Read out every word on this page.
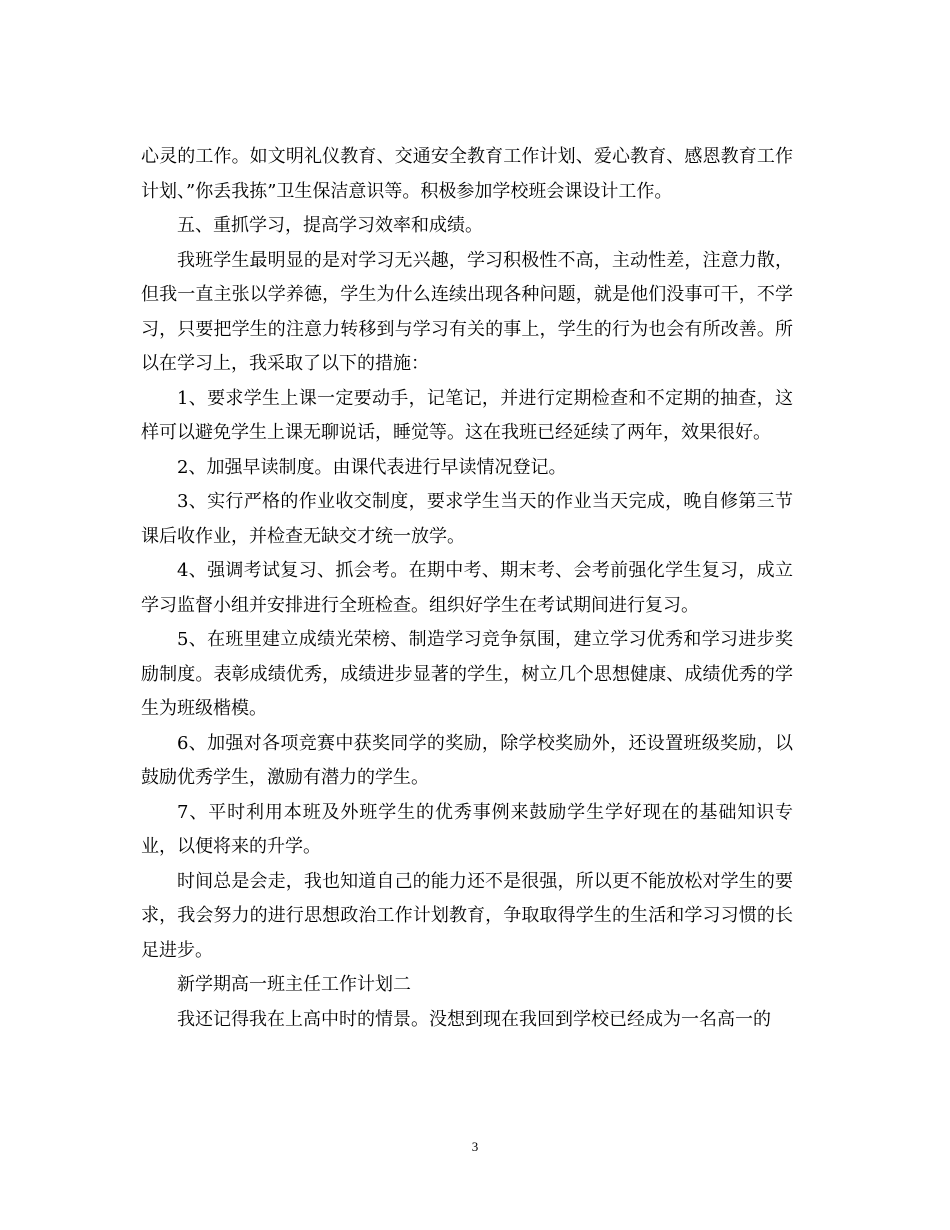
心灵的工作。如文明礼仪教育、交通安全教育工作计划、爱心教育、感恩教育工作计划、”你丢我拣”卫生保洁意识等。积极参加学校班会课设计工作。

五、重抓学习，提高学习效率和成绩。

我班学生最明显的是对学习无兴趣，学习积极性不高，主动性差，注意力散，但我一直主张以学养德，学生为什么连续出现各种问题，就是他们没事可干，不学习，只要把学生的注意力转移到与学习有关的事上，学生的行为也会有所改善。所以在学习上，我采取了以下的措施：

1、要求学生上课一定要动手，记笔记，并进行定期检查和不定期的抽查，这样可以避免学生上课无聊说话，睡觉等。这在我班已经延续了两年，效果很好。

2、加强早读制度。由课代表进行早读情况登记。

3、实行严格的作业收交制度，要求学生当天的作业当天完成，晚自修第三节课后收作业，并检查无缺交才统一放学。

4、强调考试复习、抓会考。在期中考、期末考、会考前强化学生复习，成立学习监督小组并安排进行全班检查。组织好学生在考试期间进行复习。

5、在班里建立成绩光荣榜、制造学习竞争氛围，建立学习优秀和学习进步奖励制度。表彰成绩优秀，成绩进步显著的学生，树立几个思想健康、成绩优秀的学生为班级楷模。

6、加强对各项竞赛中获奖同学的奖励，除学校奖励外，还设置班级奖励，以鼓励优秀学生，激励有潜力的学生。

7、平时利用本班及外班学生的优秀事例来鼓励学生学好现在的基础知识专业，以便将来的升学。

时间总是会走，我也知道自己的能力还不是很强，所以更不能放松对学生的要求，我会努力的进行思想政治工作计划教育，争取取得学生的生活和学习习惯的长足进步。

新学期高一班主任工作计划二

我还记得我在上高中时的情景。没想到现在我回到学校已经成为一名高一的

3
